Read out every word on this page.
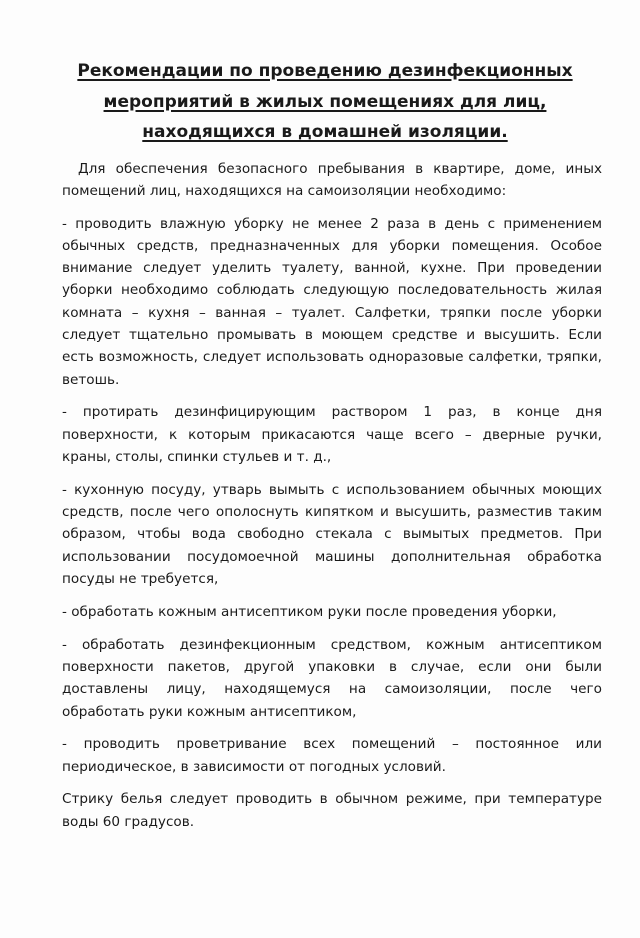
Рекомендации по проведению дезинфекционных
мероприятий в жилых помещениях для лиц,
находящихся в домашней изоляции.

Для обеспечения безопасного пребывания в квартире, доме, иных помещений лиц, находящихся на самоизоляции необходимо:

- проводить влажную уборку не менее 2 раза в день с применением обычных средств, предназначенных для уборки помещения. Особое внимание следует уделить туалету, ванной, кухне. При проведении уборки необходимо соблюдать следующую последовательность жилая комната – кухня – ванная – туалет. Салфетки, тряпки после уборки следует тщательно промывать в моющем средстве и высушить. Если есть возможность, следует использовать одноразовые салфетки, тряпки, ветошь.

- протирать дезинфицирующим раствором 1 раз, в конце дня поверхности, к которым прикасаются чаще всего – дверные ручки, краны, столы, спинки стульев и т. д.,

- кухонную посуду, утварь вымыть с использованием обычных моющих средств, после чего ополоснуть кипятком и высушить, разместив таким образом, чтобы вода свободно стекала с вымытых предметов. При использовании посудомоечной машины дополнительная обработка посуды не требуется,

- обработать кожным антисептиком руки после проведения уборки,

- обработать дезинфекционным средством, кожным антисептиком поверхности пакетов, другой упаковки в случае, если они были доставлены лицу, находящемуся на самоизоляции, после чего обработать руки кожным антисептиком,

- проводить проветривание всех помещений – постоянное или периодическое, в зависимости от погодных условий.

Стрику белья следует проводить в обычном режиме, при температуре воды 60 градусов.
